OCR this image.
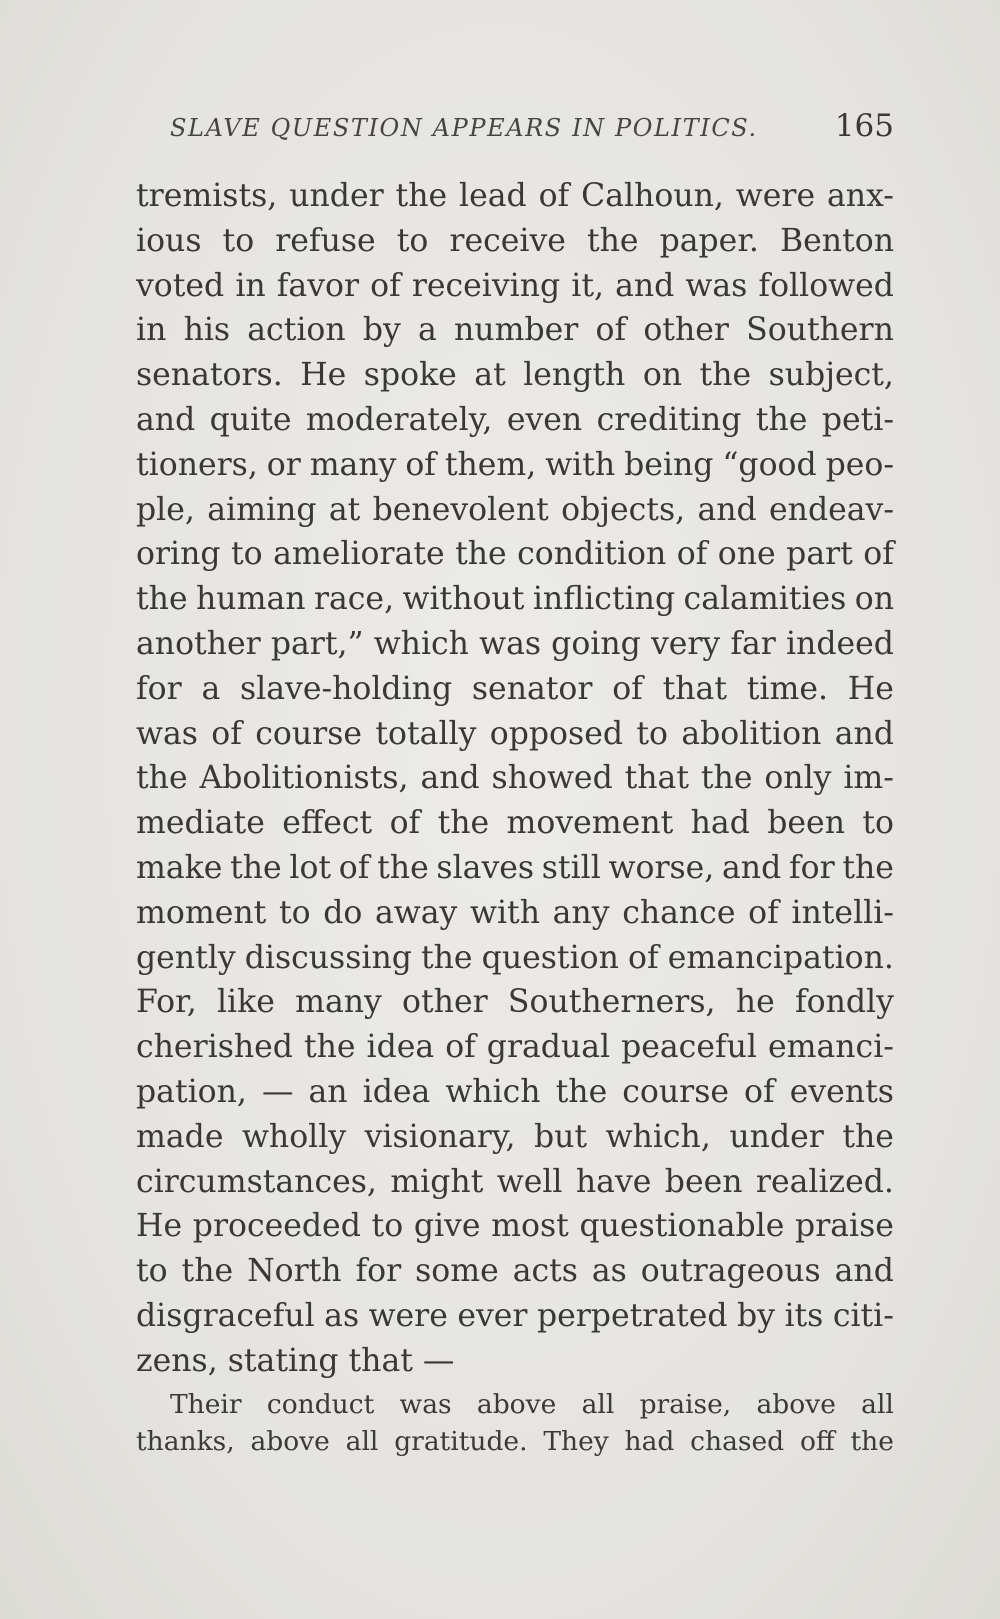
SLAVE QUESTION APPEARS IN POLITICS. 165
tremists, under the lead of Calhoun, were anx-
ious to refuse to receive the paper. Benton
voted in favor of receiving it, and was followed
in his action by a number of other Southern
senators. He spoke at length on the subject,
and quite moderately, even crediting the peti-
tioners, or many of them, with being “good peo-
ple, aiming at benevolent objects, and endeav-
oring to ameliorate the condition of one part of
the human race, without inflicting calamities on
another part,” which was going very far indeed
for a slave-holding senator of that time. He
was of course totally opposed to abolition and
the Abolitionists, and showed that the only im-
mediate effect of the movement had been to
make the lot of the slaves still worse, and for the
moment to do away with any chance of intelli-
gently discussing the question of emancipation.
For, like many other Southerners, he fondly
cherished the idea of gradual peaceful emanci-
pation, — an idea which the course of events
made wholly visionary, but which, under the
circumstances, might well have been realized.
He proceeded to give most questionable praise
to the North for some acts as outrageous and
disgraceful as were ever perpetrated by its citi-
zens, stating that —
Their conduct was above all praise, above all
thanks, above all gratitude. They had chased off the
